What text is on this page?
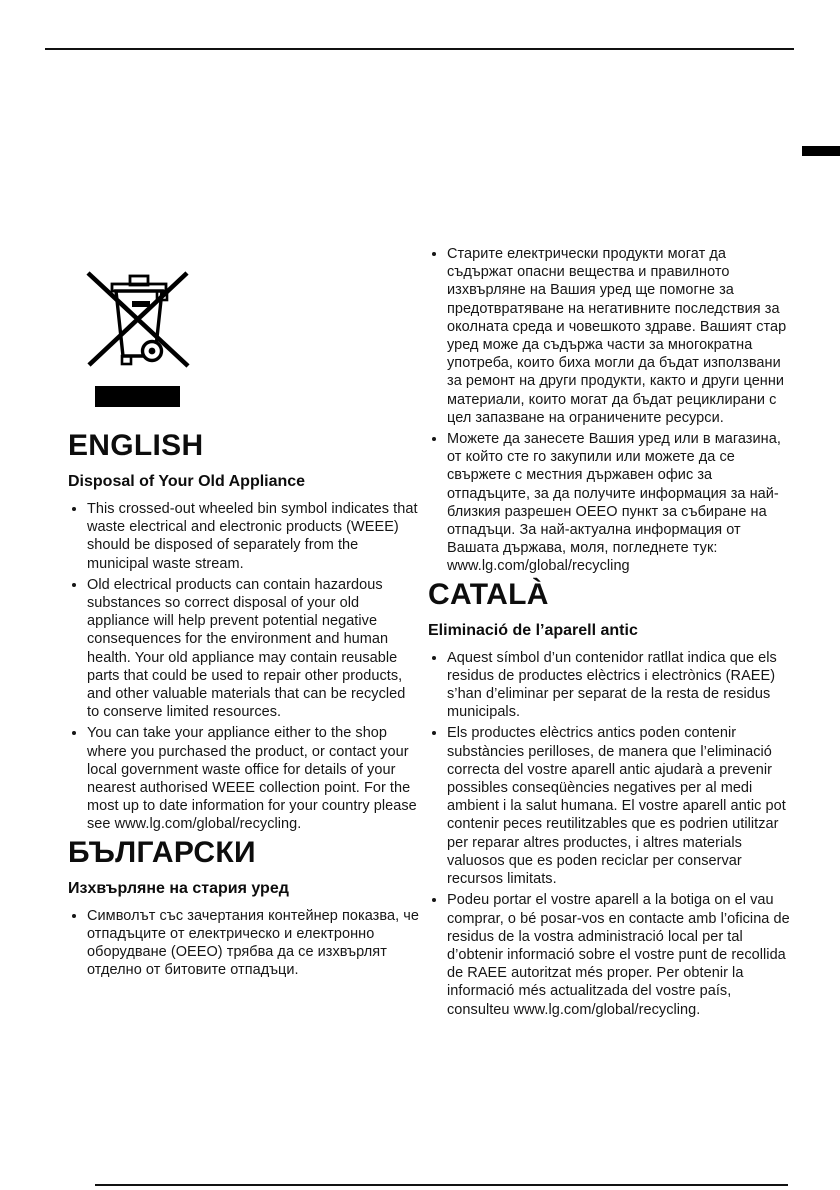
ENGLISH
Disposal of Your Old Appliance
• This crossed-out wheeled bin symbol indicates that waste electrical and electronic products (WEEE) should be disposed of separately from the municipal waste stream.
• Old electrical products can contain hazardous substances so correct disposal of your old appliance will help prevent potential negative consequences for the environment and human health. Your old appliance may contain reusable parts that could be used to repair other products, and other valuable materials that can be recycled to conserve limited resources.
• You can take your appliance either to the shop where you purchased the product, or contact your local government waste office for details of your nearest authorised WEEE collection point. For the most up to date information for your country please see www.lg.com/global/recycling.
БЪЛГАРСКИ
Изхвърляне на стария уред
• Символът със зачертания контейнер показва, че отпадъците от електрическо и електронно оборудване (ОЕЕО) трябва да се изхвърлят отделно от битовите отпадъци.
• Старите електрически продукти могат да съдържат опасни вещества и правилното изхвърляне на Вашия уред ще помогне за предотвратяване на негативните последствия за околната среда и човешкото здраве. Вашият стар уред може да съдържа части за многократна употреба, които биха могли да бъдат използвани за ремонт на други продукти, както и други ценни материали, които могат да бъдат рециклирани с цел запазване на ограничените ресурси.
• Можете да занесете Вашия уред или в магазина, от който сте го закупили или можете да се свържете с местния държавен офис за отпадъците, за да получите информация за най-близкия разрешен ОЕЕО пункт за събиране на отпадъци. За най-актуална информация от Вашата държава, моля, погледнете тук: www.lg.com/global/recycling
CATALÀ
Eliminació de l’aparell antic
• Aquest símbol d’un contenidor ratllat indica que els residus de productes elèctrics i electrònics (RAEE) s’han d’eliminar per separat de la resta de residus municipals.
• Els productes elèctrics antics poden contenir substàncies perilloses, de manera que l’eliminació correcta del vostre aparell antic ajudarà a prevenir possibles conseqüències negatives per al medi ambient i la salut humana. El vostre aparell antic pot contenir peces reutilitzables que es podrien utilitzar per reparar altres productes, i altres materials valuosos que es poden reciclar per conservar recursos limitats.
• Podeu portar el vostre aparell a la botiga on el vau comprar, o bé posar-vos en contacte amb l’oficina de residus de la vostra administració local per tal d’obtenir informació sobre el vostre punt de recollida de RAEE autoritzat més proper. Per obtenir la informació més actualitzada del vostre país, consulteu www.lg.com/global/recycling.
